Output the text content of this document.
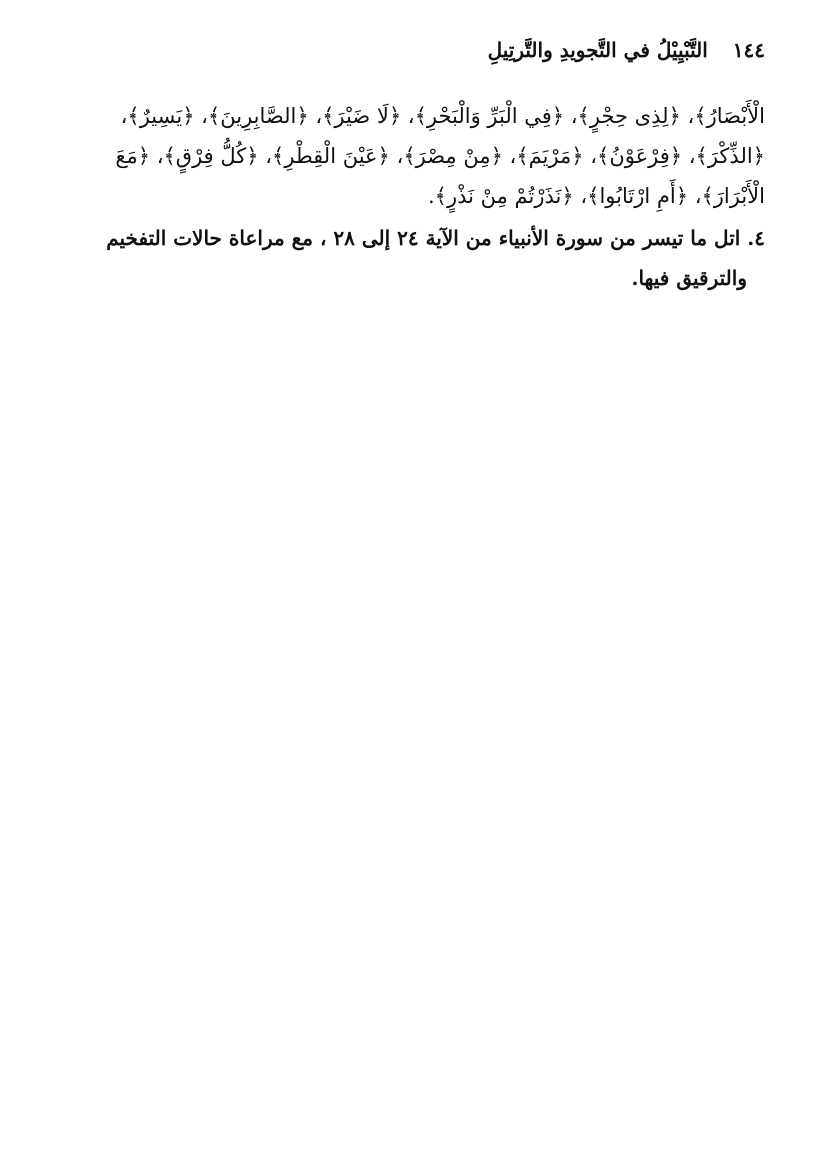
١٤٤ التَّبْيِيْلُ في التَّجويدِ والتَّرتِيلِ
الْأَبْصَارُ﴾، ﴿لِذِى حِجْرٍ﴾، ﴿فِي الْبَرِّ وَالْبَحْرِ﴾، ﴿لَا ضَيْرَ﴾، ﴿الصَّابِرِينَ﴾، ﴿يَسِيرٌ﴾،
﴿الذِّكْرَ﴾، ﴿فِرْعَوْنُ﴾، ﴿مَرْيَمَ﴾، ﴿مِنْ مِصْرَ﴾، ﴿عَيْنَ الْقِطْرِ﴾، ﴿كُلُّ فِرْقٍ﴾، ﴿مَعَ
الْأَبْرَارَ﴾، ﴿أَمِ ارْتَابُوا﴾، ﴿نَذَرْتُمْ مِنْ نَذْرٍ﴾.
٤. اتل ما تيسر من سورة الأنبياء من الآية ٢٤ إلى ٢٨ ، مع مراعاة حالات التفخيم
والترقيق فيها.
